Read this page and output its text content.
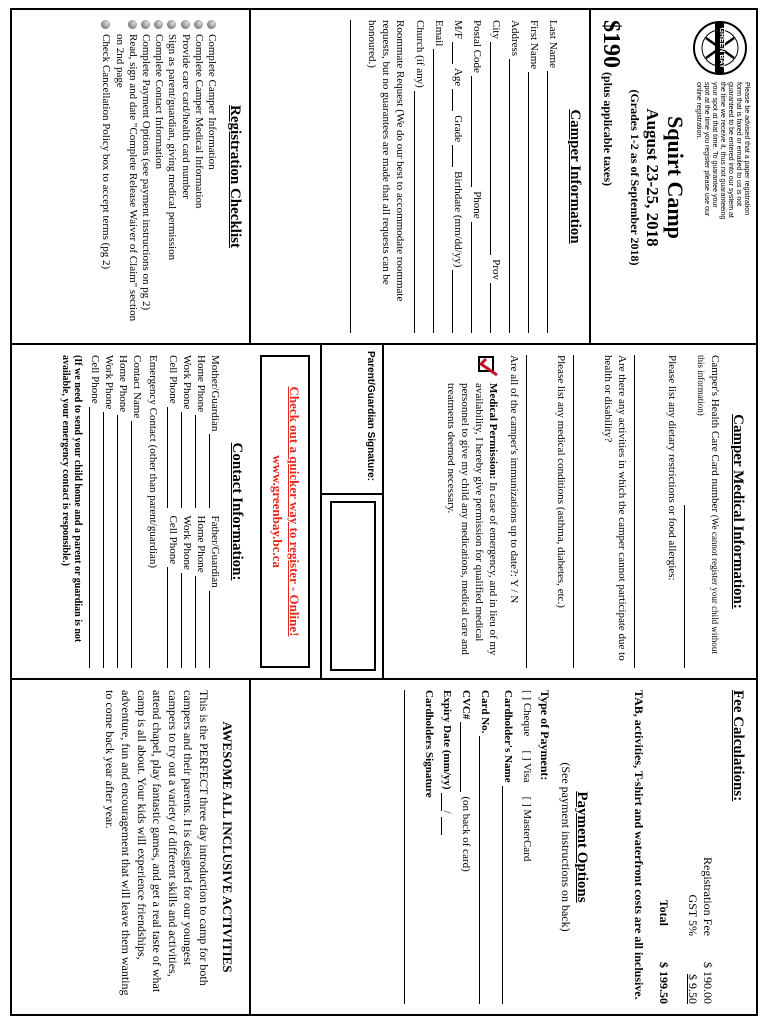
GREEN BAY
Please be advised that a paper registration form that is faxed or emailed to us is not guaranteed to be entered into our system at the time we receive it, thus not guaranteeing your spot at that time. To guarantee your spot at the time you register please use our online registration.
Squirt Camp
August 23-25, 2018
(Grades 1-2 as of September 2018)
$190 (plus applicable taxes)
Camper Information
Last Name
First Name
Address
City
Prov
Postal Code
Phone
M/F
Age
Grade
Birthdate (mm/dd/yy)
Email
Church (if any)
Roommate Request (We do our best to accommodate roommate requests, but no guarantees are made that all requests can be honoured.)
Registration Checklist
Complete Camper Information
Complete Camper Medical Information
Provide care card/health card number
Sign as parent/guardian, giving medical permission
Complete Contact Information
Complete Payment Options (see payment instructions on pg 2)
Read, sign and date "Complete Release Waiver of Claim" section on 2nd page
Check Cancellation Policy box to accept terms (pg 2)
Camper Medical Information:
Camper's Health Care Card number (We cannot register your child without this information)
Please list any dietary restrictions or food allergies:
Are there any activities in which the camper cannot participate due to health or disability?
Please list any medical conditions (asthma, diabetes, etc.)
Are all of the camper's immunizations up to date?: Y / N
Medical Permission: In case of emergency, and in lieu of my availability, I hereby give permission for qualified medical personnel to give my child any medications, medical care and treatments deemed necessary.
Parent/Guardian Signature:
Check out a quicker way to register - Online!
www.greenbay.bc.ca
Contact Information:
Mother/Guardian
Home Phone
Work Phone
Cell Phone
Father/Guardian
Home Phone
Work Phone
Cell Phone
Emergency Contact (other than parent/guardian)
Contact Name
Home Phone
Work Phone
Cell Phone
(If we need to send your child home and a parent or guardian is not available, your emergency contact is responsible.)
Fee Calculations:
Registration Fee
$ 190.00
GST 5%
$ 9.50
Total
$ 199.50
TAB, activities, T-shirt and waterfront costs are all inclusive.
Payment Options
(See payment instructions on back)
Type of Payment:
[ ] Cheque
[ ] Visa
[ ] MasterCard
Cardholder's Name
Card No.
CVC#
(on back of card)
Expiry Date (mm/yy)
/
Cardholders Signature
AWESOME ALL INCLUSIVE ACTIVITIES
This is the PERFECT three day introduction to camp for both campers and their parents. It is designed for our youngest campers to try out a variety of different skills and activities, attend chapel, play fantastic games, and get a real taste of what camp is all about. Your kids will experience friendships, adventure, fun and encouragement that will leave them wanting to come back year after year.
